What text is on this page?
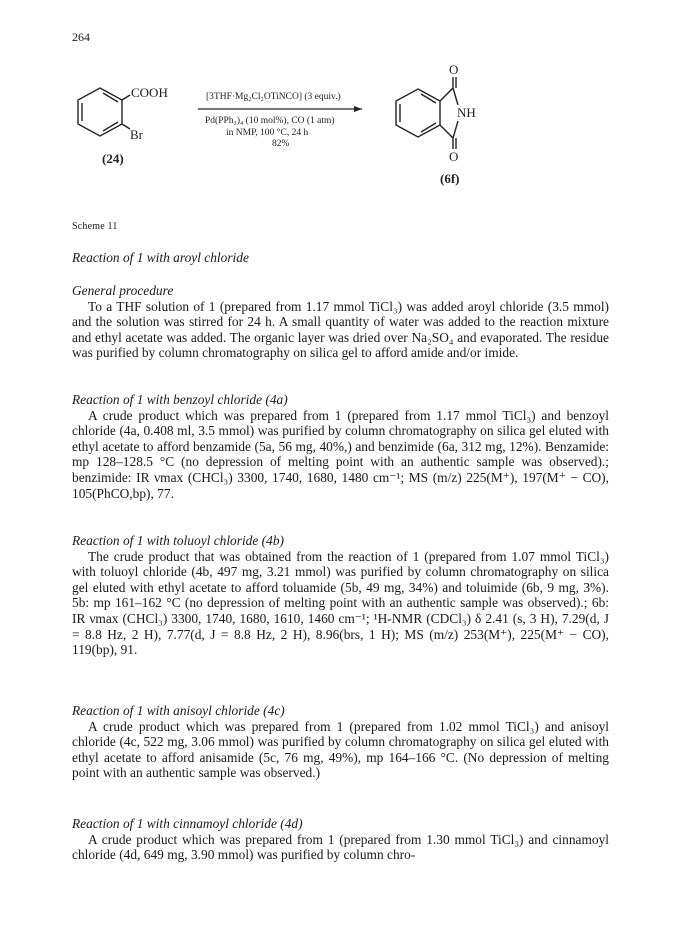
264
COOH
Br
(24)
[3THF·Mg₂Cl₂OTiNCO] (3 equiv.)
Pd(PPh₃)₄ (10 mol%), CO (1 atm)
in NMP, 100 °C, 24 h
82%
O
NH
O
(6f)
Scheme 11

Reaction of 1 with aroyl chloride

General procedure

To a THF solution of 1 (prepared from 1.17 mmol TiCl₃) was added aroyl chloride (3.5 mmol) and the solution was stirred for 24 h. A small quantity of water was added to the reaction mixture and ethyl acetate was added. The organic layer was dried over Na₂SO₄ and evaporated. The residue was purified by column chromatography on silica gel to afford amide and/or imide.

Reaction of 1 with benzoyl chloride (4a)

A crude product which was prepared from 1 (prepared from 1.17 mmol TiCl₃) and benzoyl chloride (4a, 0.408 ml, 3.5 mmol) was purified by column chromatography on silica gel eluted with ethyl acetate to afford benzamide (5a, 56 mg, 40%,) and benzimide (6a, 312 mg, 12%). Benzamide: mp 128–128.5 °C (no depression of melting point with an authentic sample was observed).; benzimide: IR νmax (CHCl₃) 3300, 1740, 1680, 1480 cm⁻¹; MS (m/z) 225(M⁺), 197(M⁺ − CO), 105(PhCO,bp), 77.

Reaction of 1 with toluoyl chloride (4b)

The crude product that was obtained from the reaction of 1 (prepared from 1.07 mmol TiCl₃) with toluoyl chloride (4b, 497 mg, 3.21 mmol) was purified by column chromatography on silica gel eluted with ethyl acetate to afford toluamide (5b, 49 mg, 34%) and toluimide (6b, 9 mg, 3%). 5b: mp 161–162 °C (no depression of melting point with an authentic sample was observed).; 6b: IR νmax (CHCl₃) 3300, 1740, 1680, 1610, 1460 cm⁻¹; ¹H-NMR (CDCl₃) δ 2.41 (s, 3 H), 7.29(d, J = 8.8 Hz, 2 H), 7.77(d, J = 8.8 Hz, 2 H), 8.96(brs, 1 H); MS (m/z) 253(M⁺), 225(M⁺ − CO), 119(bp), 91.

Reaction of 1 with anisoyl chloride (4c)

A crude product which was prepared from 1 (prepared from 1.02 mmol TiCl₃) and anisoyl chloride (4c, 522 mg, 3.06 mmol) was purified by column chromatography on silica gel eluted with ethyl acetate to afford anisamide (5c, 76 mg, 49%), mp 164–166 °C. (No depression of melting point with an authentic sample was observed.)

Reaction of 1 with cinnamoyl chloride (4d)

A crude product which was prepared from 1 (prepared from 1.30 mmol TiCl₃) and cinnamoyl chloride (4d, 649 mg, 3.90 mmol) was purified by column chro-
